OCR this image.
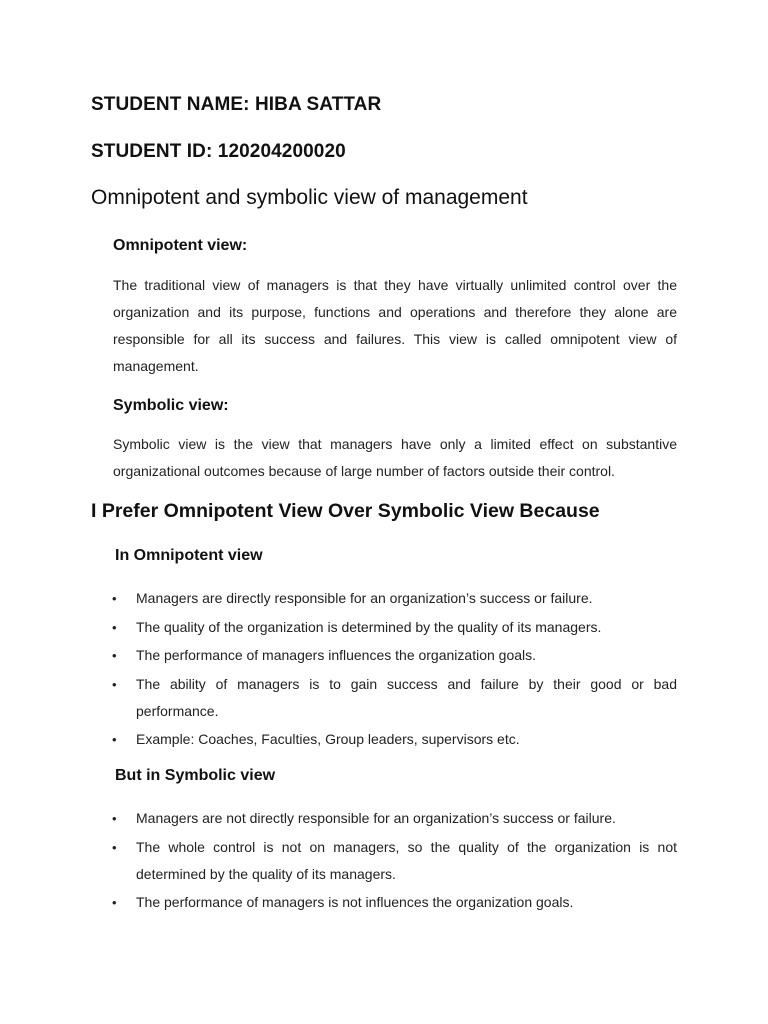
STUDENT NAME: HIBA SATTAR

STUDENT ID: 120204200020

Omnipotent and symbolic view of management
Omnipotent view:

The traditional view of managers is that they have virtually unlimited control over the organization and its purpose, functions and operations and therefore they alone are responsible for all its success and failures. This view is called omnipotent view of management.

Symbolic view:

Symbolic view is the view that managers have only a limited effect on substantive organizational outcomes because of large number of factors outside their control.

I Prefer Omnipotent View Over Symbolic View Because
In Omnipotent view
• Managers are directly responsible for an organization’s success or failure.
• The quality of the organization is determined by the quality of its managers.
• The performance of managers influences the organization goals.
• The ability of managers is to gain success and failure by their good or bad performance.
• Example: Coaches, Faculties, Group leaders, supervisors etc.
But in Symbolic view
• Managers are not directly responsible for an organization’s success or failure.
• The whole control is not on managers, so the quality of the organization is not determined by the quality of its managers.
• The performance of managers is not influences the organization goals.
